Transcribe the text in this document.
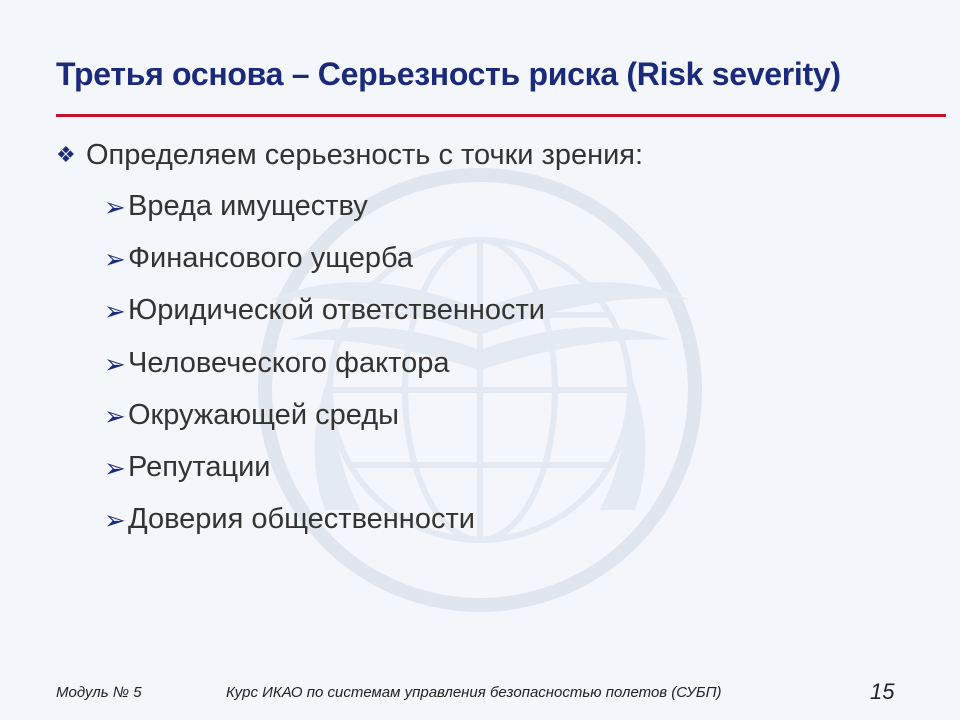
Третья основа – Серьезность риска (Risk severity)
❖ Определяем серьезность с точки зрения:
➢ Вреда имуществу
➢ Финансового ущерба
➢ Юридической ответственности
➢ Человеческого фактора
➢ Окружающей среды
➢ Репутации
➢ Доверия общественности
Модуль № 5	Курс ИКАО по системам управления безопасностью полетов (СУБП)	15
